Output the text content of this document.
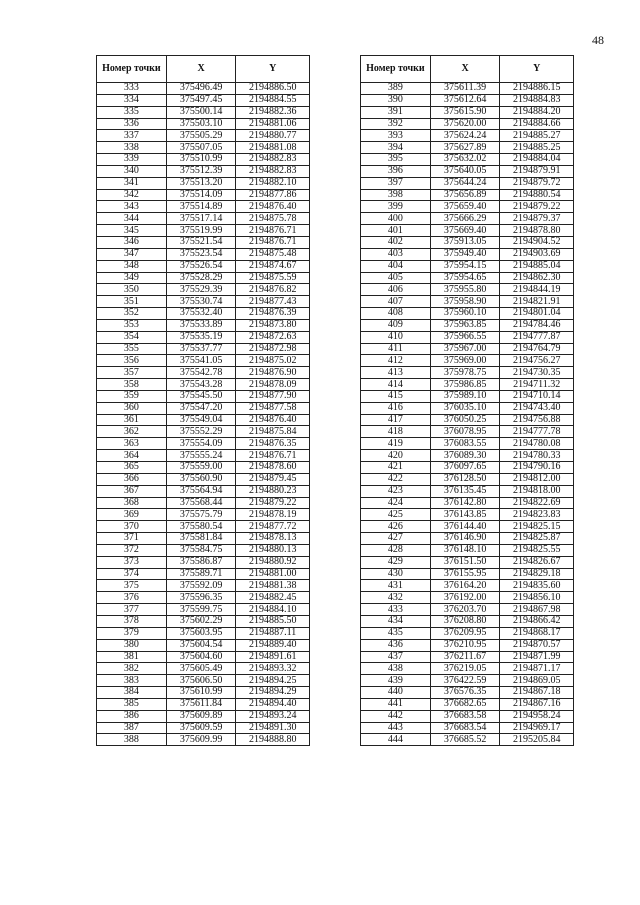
48
Номер точки	X	Y
333	375496.49	2194886.50
334	375497.45	2194884.55
335	375500.14	2194882.36
336	375503.10	2194881.06
337	375505.29	2194880.77
338	375507.05	2194881.08
339	375510.99	2194882.83
340	375512.39	2194882.83
341	375513.20	2194882.10
342	375514.09	2194877.86
343	375514.89	2194876.40
344	375517.14	2194875.78
345	375519.99	2194876.71
346	375521.54	2194876.71
347	375523.54	2194875.48
348	375526.54	2194874.67
349	375528.29	2194875.59
350	375529.39	2194876.82
351	375530.74	2194877.43
352	375532.40	2194876.39
353	375533.89	2194873.80
354	375535.19	2194872.63
355	375537.77	2194872.98
356	375541.05	2194875.02
357	375542.78	2194876.90
358	375543.28	2194878.09
359	375545.50	2194877.90
360	375547.20	2194877.58
361	375549.04	2194876.40
362	375552.29	2194875.84
363	375554.09	2194876.35
364	375555.24	2194876.71
365	375559.00	2194878.60
366	375560.90	2194879.45
367	375564.94	2194880.23
368	375568.44	2194879.22
369	375575.79	2194878.19
370	375580.54	2194877.72
371	375581.84	2194878.13
372	375584.75	2194880.13
373	375586.87	2194880.92
374	375589.71	2194881.00
375	375592.09	2194881.38
376	375596.35	2194882.45
377	375599.75	2194884.10
378	375602.29	2194885.50
379	375603.95	2194887.11
380	375604.54	2194889.40
381	375604.60	2194891.61
382	375605.49	2194893.32
383	375606.50	2194894.25
384	375610.99	2194894.29
385	375611.84	2194894.40
386	375609.89	2194893.24
387	375609.59	2194891.30
388	375609.99	2194888.80
Номер точки	X	Y
389	375611.39	2194886.15
390	375612.64	2194884.83
391	375615.90	2194884.20
392	375620.00	2194884.66
393	375624.24	2194885.27
394	375627.89	2194885.25
395	375632.02	2194884.04
396	375640.05	2194879.91
397	375644.24	2194879.72
398	375656.89	2194880.54
399	375659.40	2194879.22
400	375666.29	2194879.37
401	375669.40	2194878.80
402	375913.05	2194904.52
403	375949.40	2194903.69
404	375954.15	2194885.04
405	375954.65	2194862.30
406	375955.80	2194844.19
407	375958.90	2194821.91
408	375960.10	2194801.04
409	375963.85	2194784.46
410	375966.55	2194777.87
411	375967.00	2194764.79
412	375969.00	2194756.27
413	375978.75	2194730.35
414	375986.85	2194711.32
415	375989.10	2194710.14
416	376035.10	2194743.40
417	376050.25	2194756.88
418	376078.95	2194777.78
419	376083.55	2194780.08
420	376089.30	2194780.33
421	376097.65	2194790.16
422	376128.50	2194812.00
423	376135.45	2194818.00
424	376142.80	2194822.69
425	376143.85	2194823.83
426	376144.40	2194825.15
427	376146.90	2194825.87
428	376148.10	2194825.55
429	376151.50	2194826.67
430	376155.95	2194829.18
431	376164.20	2194835.60
432	376192.00	2194856.10
433	376203.70	2194867.98
434	376208.80	2194866.42
435	376209.95	2194868.17
436	376210.95	2194870.57
437	376211.67	2194871.99
438	376219.05	2194871.17
439	376422.59	2194869.05
440	376576.35	2194867.18
441	376682.65	2194867.16
442	376683.58	2194958.24
443	376683.54	2194969.17
444	376685.52	2195205.84
